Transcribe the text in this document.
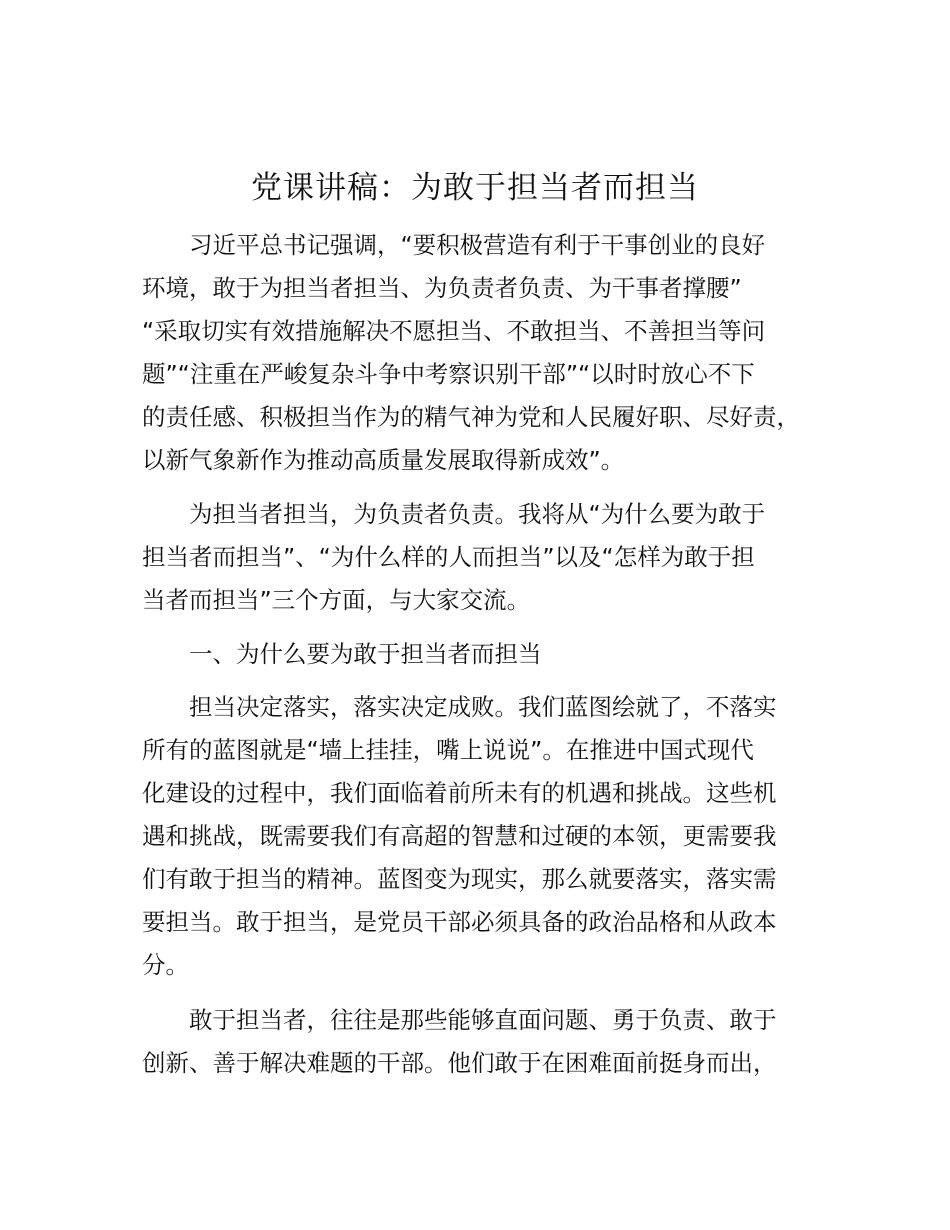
党课讲稿：为敢于担当者而担当

　　习近平总书记强调，“要积极营造有利于干事创业的良好

环境，敢于为担当者担当、为负责者负责、为干事者撑腰”

“采取切实有效措施解决不愿担当、不敢担当、不善担当等问

题”“注重在严峻复杂斗争中考察识别干部”“以时时放心不下

的责任感、积极担当作为的精气神为党和人民履好职、尽好责，

以新气象新作为推动高质量发展取得新成效”。

　　为担当者担当，为负责者负责。我将从“为什么要为敢于

担当者而担当”、“为什么样的人而担当”以及“怎样为敢于担

当者而担当”三个方面，与大家交流。

　　一、为什么要为敢于担当者而担当

　　担当决定落实，落实决定成败。我们蓝图绘就了，不落实

所有的蓝图就是“墙上挂挂，嘴上说说”。在推进中国式现代

化建设的过程中，我们面临着前所未有的机遇和挑战。这些机

遇和挑战，既需要我们有高超的智慧和过硬的本领，更需要我

们有敢于担当的精神。蓝图变为现实，那么就要落实，落实需

要担当。敢于担当，是党员干部必须具备的政治品格和从政本

分。

　　敢于担当者，往往是那些能够直面问题、勇于负责、敢于

创新、善于解决难题的干部。他们敢于在困难面前挺身而出，
